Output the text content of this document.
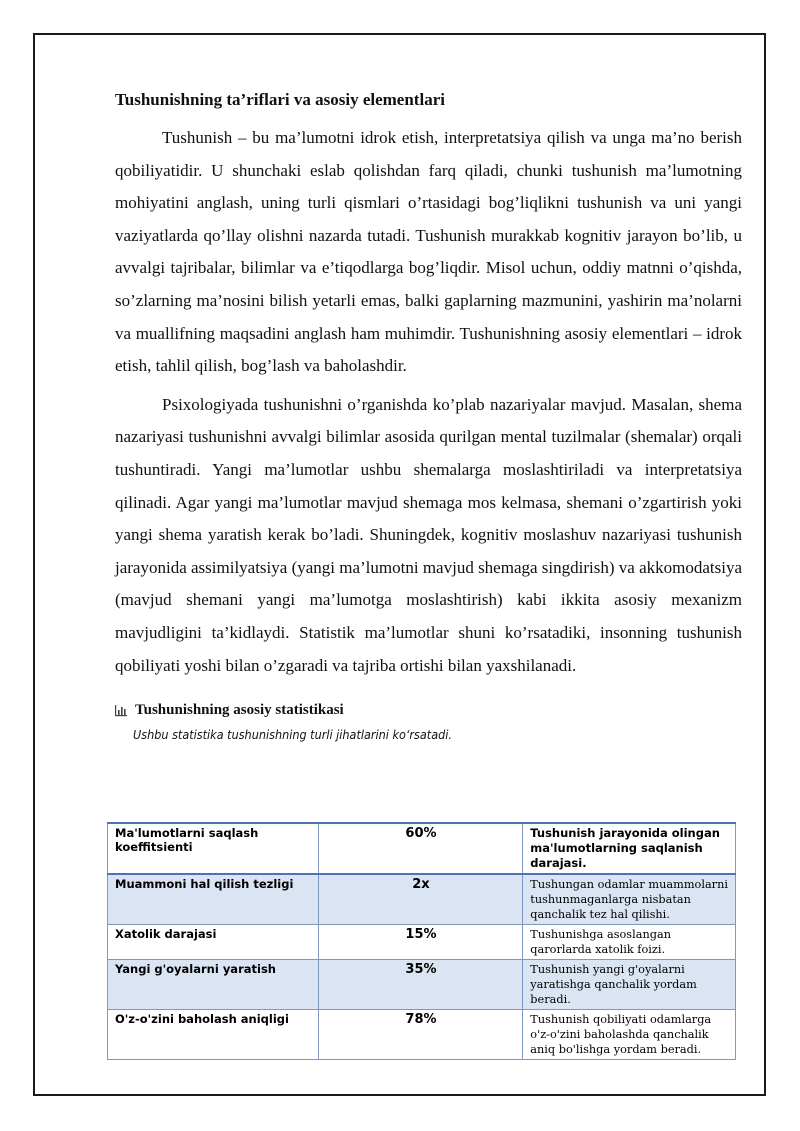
Tushunishning ta’riflari va asosiy elementlari

Tushunish – bu ma’lumotni idrok etish, interpretatsiya qilish va unga ma’no berish qobiliyatidir. U shunchaki eslab qolishdan farq qiladi, chunki tushunish ma’lumotning mohiyatini anglash, uning turli qismlari o’rtasidagi bog’liqlikni tushunish va uni yangi vaziyatlarda qo’llay olishni nazarda tutadi. Tushunish murakkab kognitiv jarayon bo’lib, u avvalgi tajribalar, bilimlar va e’tiqodlarga bog’liqdir. Misol uchun, oddiy matnni o’qishda, so’zlarning ma’nosini bilish yetarli emas, balki gaplarning mazmunini, yashirin ma’nolarni va muallifning maqsadini anglash ham muhimdir. Tushunishning asosiy elementlari – idrok etish, tahlil qilish, bog’lash va baholashdir.

Psixologiyada tushunishni o’rganishda ko’plab nazariyalar mavjud. Masalan, shema nazariyasi tushunishni avvalgi bilimlar asosida qurilgan mental tuzilmalar (shemalar) orqali tushuntiradi. Yangi ma’lumotlar ushbu shemalarga moslashtiriladi va interpretatsiya qilinadi. Agar yangi ma’lumotlar mavjud shemaga mos kelmasa, shemani o’zgartirish yoki yangi shema yaratish kerak bo’ladi. Shuningdek, kognitiv moslashuv nazariyasi tushunish jarayonida assimilyatsiya (yangi ma’lumotni mavjud shemaga singdirish) va akkomodatsiya (mavjud shemani yangi ma’lumotga moslashtirish) kabi ikkita asosiy mexanizm mavjudligini ta’kidlaydi. Statistik ma’lumotlar shuni ko’rsatadiki, insonning tushunish qobiliyati yoshi bilan o’zgaradi va tajriba ortishi bilan yaxshilanadi.

Tushunishning asosiy statistikasi
Ushbu statistika tushunishning turli jihatlarini ko‘rsatadi.
Ma'lumotlarni saqlash koeffitsienti	60%	Tushunish jarayonida olingan ma'lumotlarning saqlanish darajasi.
Muammoni hal qilish tezligi	2x	Tushungan odamlar muammolarni tushunmaganlarga nisbatan qanchalik tez hal qilishi.
Xatolik darajasi	15%	Tushunishga asoslangan qarorlarda xatolik foizi.
Yangi g'oyalarni yaratish	35%	Tushunish yangi g'oyalarni yaratishga qanchalik yordam beradi.
O'z-o'zini baholash aniqligi	78%	Tushunish qobiliyati odamlarga o'z-o'zini baholashda qanchalik aniq bo'lishga yordam beradi.
